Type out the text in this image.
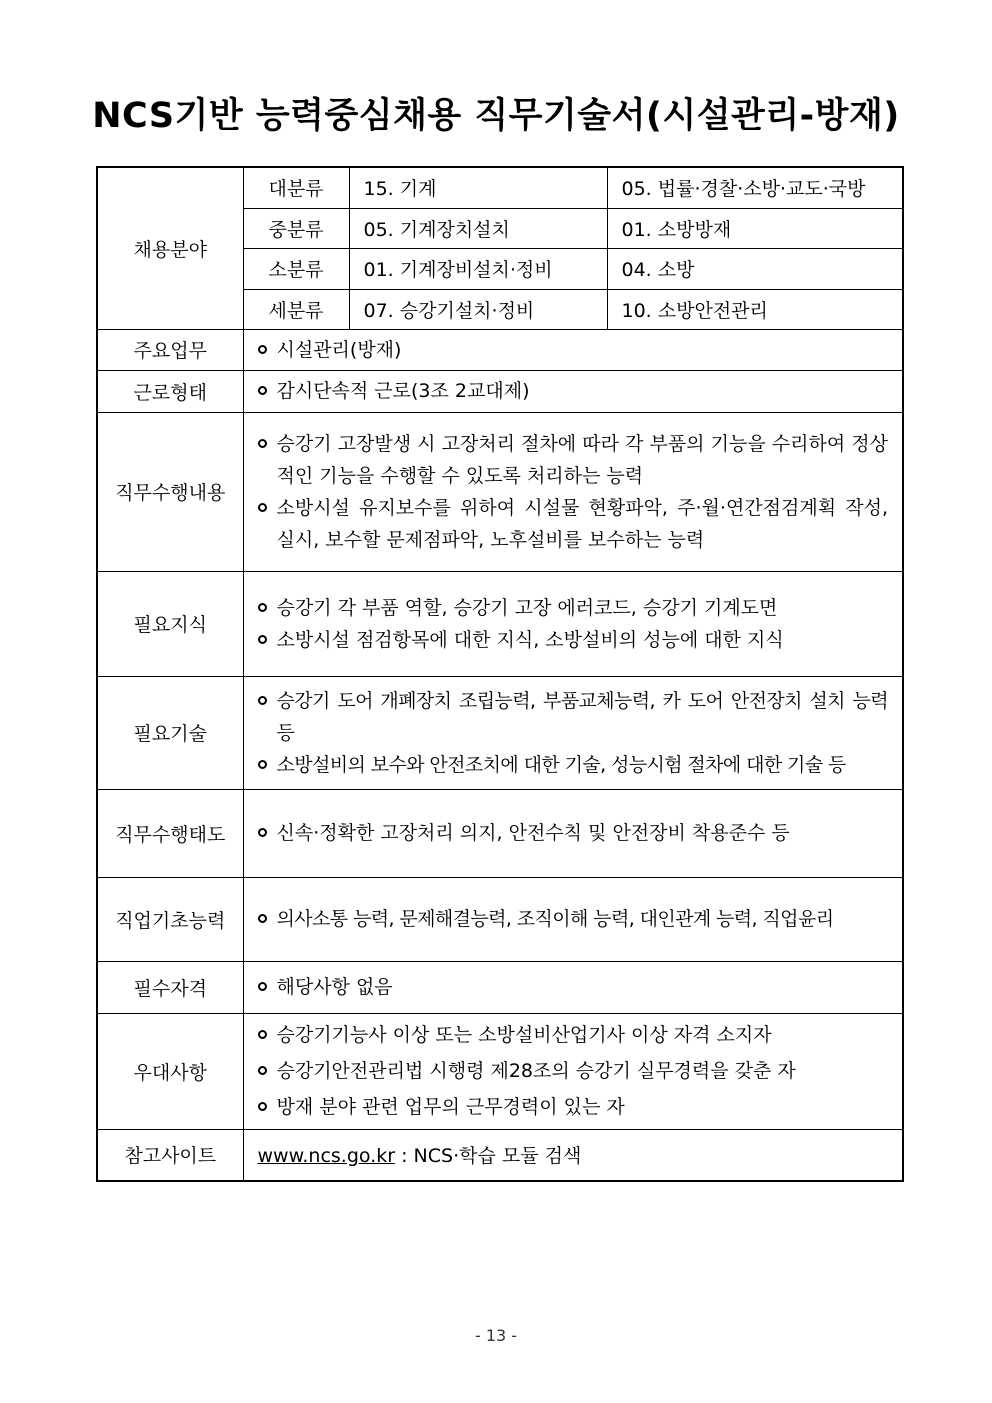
NCS기반 능력중심채용 직무기술서(시설관리-방재)
채용분야	대분류	15. 기계	05. 법률·경찰·소방·교도·국방
	중분류	05. 기계장치설치	01. 소방방재
	소분류	01. 기계장비설치·정비	04. 소방
	세분류	07. 승강기설치·정비	10. 소방안전관리
주요업무	시설관리(방재)		

근로형태	감시단속적 근로(3조 2교대제)		

직무수행내용	승강기 고장발생 시 고장처리 절차에 따라 각 부품의 기능을 수리하여 정상적인 기능을 수행할 수 있도록 처리하는 능력
소방시설 유지보수를 위하여 시설물 현황파악, 주·월·연간점검계획 작성, 실시, 보수할 문제점파악, 노후설비를 보수하는 능력		

필요지식	승강기 각 부품 역할, 승강기 고장 에러코드, 승강기 기계도면
소방시설 점검항목에 대한 지식, 소방설비의 성능에 대한 지식		

필요기술	승강기 도어 개폐장치 조립능력, 부품교체능력, 카 도어 안전장치 설치 능력 등
소방설비의 보수와 안전조치에 대한 기술, 성능시험 절차에 대한 기술 등		

직무수행태도	신속·정확한 고장처리 의지, 안전수칙 및 안전장비 착용준수 등		

직업기초능력	의사소통 능력, 문제해결능력, 조직이해 능력, 대인관계 능력, 직업윤리		

필수자격	해당사항 없음		

우대사항	승강기기능사 이상 또는 소방설비산업기사 이상 자격 소지자
승강기안전관리법 시행령 제28조의 승강기 실무경력을 갖춘 자
방재 분야 관련 업무의 근무경력이 있는 자		

참고사이트	www.ncs.go.kr : NCS·학습 모듈 검색		
- 13 -
